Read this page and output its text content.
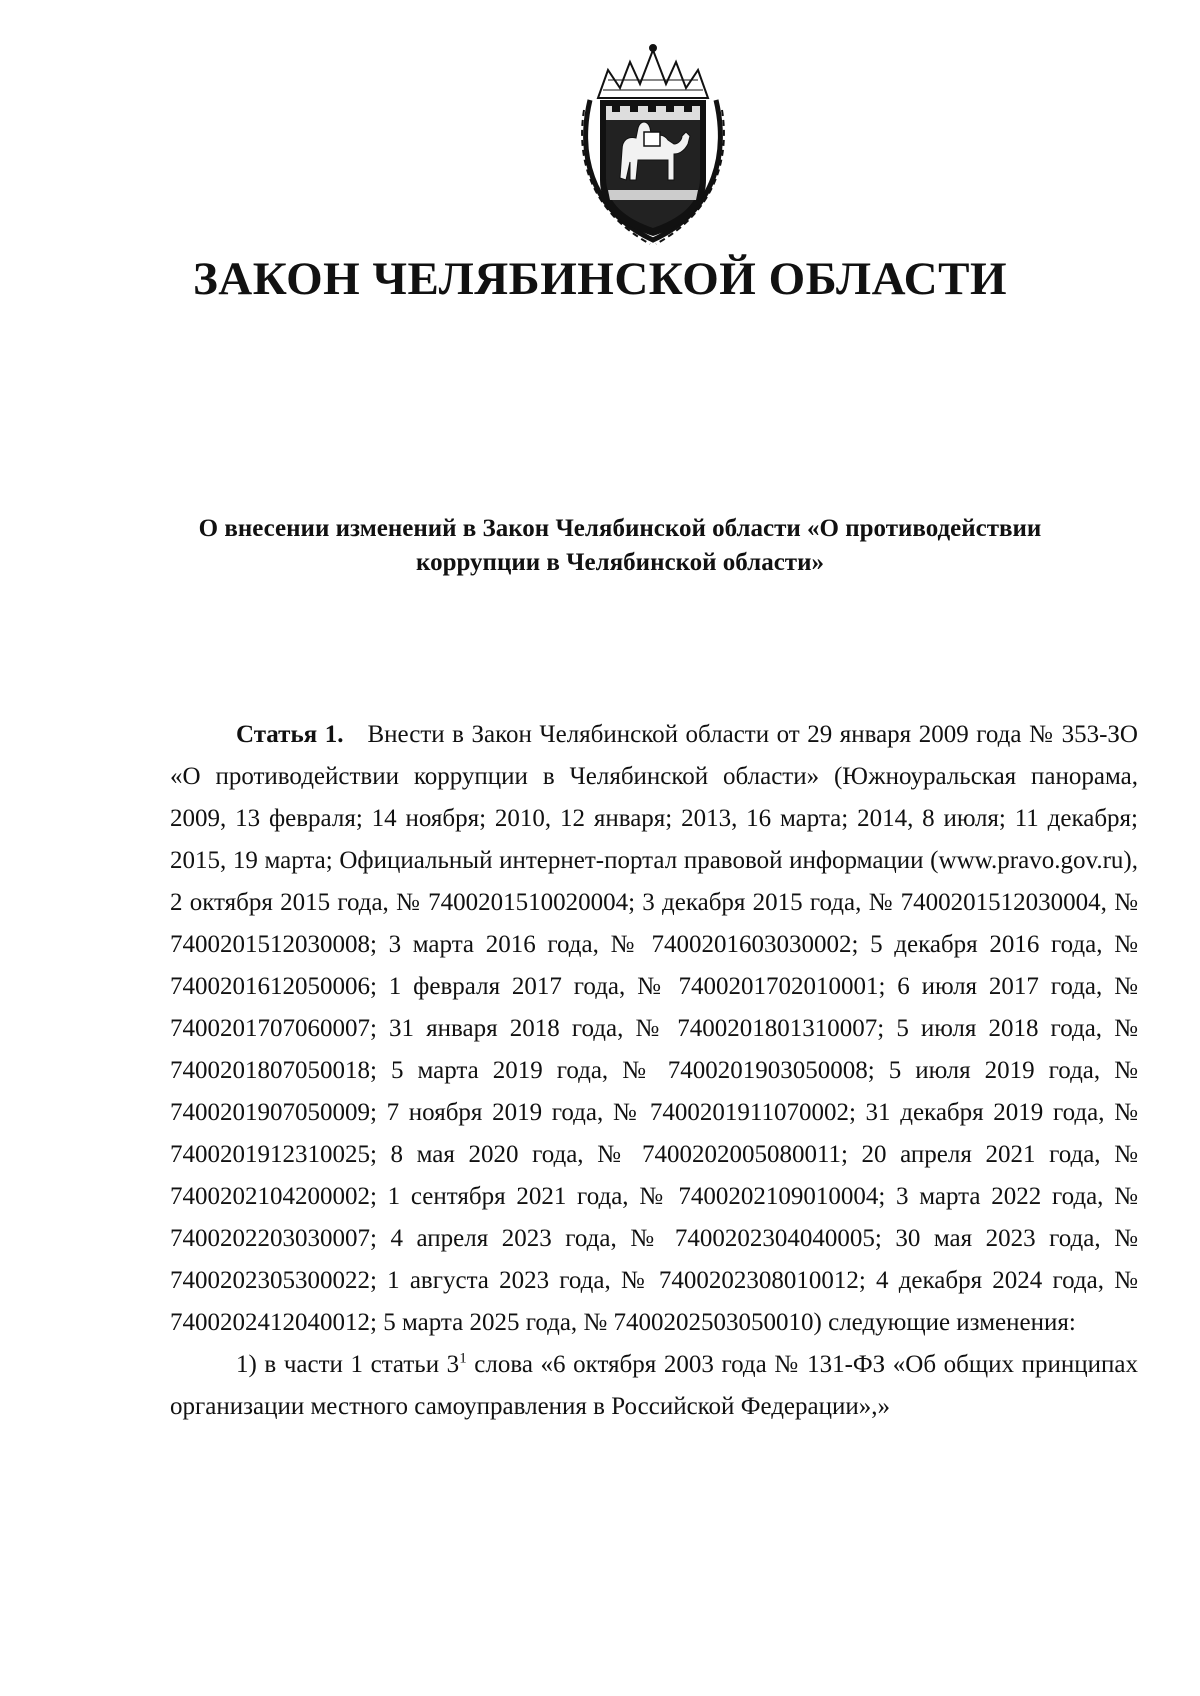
ЗАКОН ЧЕЛЯБИНСКОЙ ОБЛАСТИ
О внесении изменений в Закон Челябинской области «О противодействии
коррупции в Челябинской области»

Статья 1. Внести в Закон Челябинской области от 29 января 2009 года № 353-ЗО «О противодействии коррупции в Челябинской области» (Южноуральская панорама, 2009, 13 февраля; 14 ноября; 2010, 12 января; 2013, 16 марта; 2014, 8 июля; 11 декабря; 2015, 19 марта; Официальный интернет-портал правовой информации (www.pravo.gov.ru), 2 октября 2015 года, № 7400201510020004; 3 декабря 2015 года, № 7400201512030004, № 7400201512030008; 3 марта 2016 года, № 7400201603030002; 5 декабря 2016 года, № 7400201612050006; 1 февраля 2017 года, № 7400201702010001; 6 июля 2017 года, № 7400201707060007; 31 января 2018 года, № 7400201801310007; 5 июля 2018 года, № 7400201807050018; 5 марта 2019 года, № 7400201903050008; 5 июля 2019 года, № 7400201907050009; 7 ноября 2019 года, № 7400201911070002; 31 декабря 2019 года, № 7400201912310025; 8 мая 2020 года, № 7400202005080011; 20 апреля 2021 года, № 7400202104200002; 1 сентября 2021 года, № 7400202109010004; 3 марта 2022 года, № 7400202203030007; 4 апреля 2023 года, № 7400202304040005; 30 мая 2023 года, № 7400202305300022; 1 августа 2023 года, № 7400202308010012; 4 декабря 2024 года, № 7400202412040012; 5 марта 2025 года, № 7400202503050010) следующие изменения:

1) в части 1 статьи $3^1$ слова «6 октября 2003 года № 131-ФЗ «Об общих принципах организации местного самоуправления в Российской Федерации»,»
